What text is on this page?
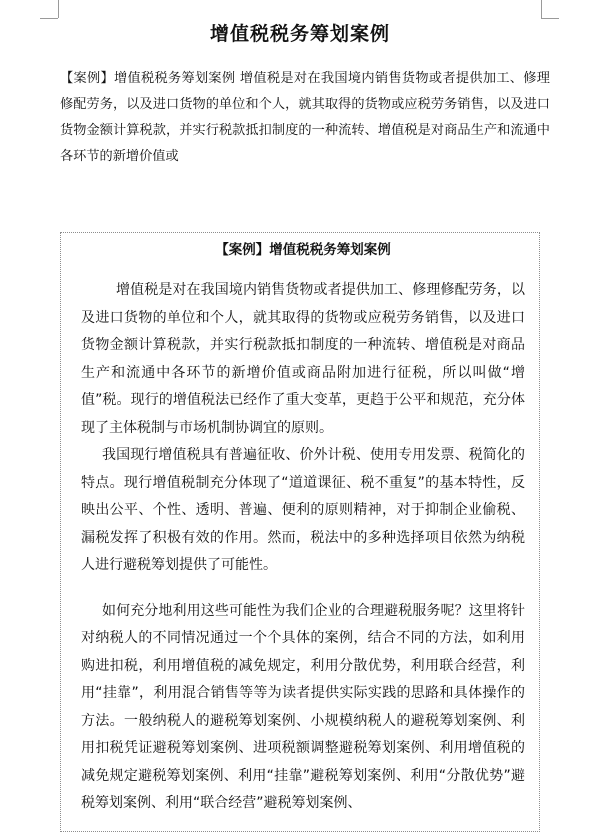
增值税税务筹划案例

【案例】增值税税务筹划案例 增值税是对在我国境内销售货物或者提供加工、修理修配劳务，以及进口货物的单位和个人，就其取得的货物或应税劳务销售，以及进口货物金额计算税款，并实行税款抵扣制度的一种流转、增值税是对商品生产和流通中各环节的新增价值或

【案例】增值税税务筹划案例

增值税是对在我国境内销售货物或者提供加工、修理修配劳务，以及进口货物的单位和个人，就其取得的货物或应税劳务销售，以及进口货物金额计算税款，并实行税款抵扣制度的一种流转、增值税是对商品生产和流通中各环节的新增价值或商品附加进行征税，所以叫做“增值”税。现行的增值税法已经作了重大变革，更趋于公平和规范，充分体现了主体税制与市场机制协调宜的原则。

我国现行增值税具有普遍征收、价外计税、使用专用发票、税简化的特点。现行增值税制充分体现了“道道课征、税不重复”的基本特性，反映出公平、个性、透明、普遍、便利的原则精神，对于抑制企业偷税、漏税发挥了积极有效的作用。然而，税法中的多种选择项目依然为纳税人进行避税筹划提供了可能性。

如何充分地利用这些可能性为我们企业的合理避税服务呢？这里将针对纳税人的不同情况通过一个个具体的案例，结合不同的方法，如利用购进扣税，利用增值税的减免规定，利用分散优势，利用联合经营，利用“挂靠”，利用混合销售等等为读者提供实际实践的思路和具体操作的方法。一般纳税人的避税筹划案例、小规模纳税人的避税筹划案例、利用扣税凭证避税筹划案例、进项税额调整避税筹划案例、利用增值税的减免规定避税筹划案例、利用“挂靠”避税筹划案例、利用“分散优势”避税筹划案例、利用“联合经营”避税筹划案例、
